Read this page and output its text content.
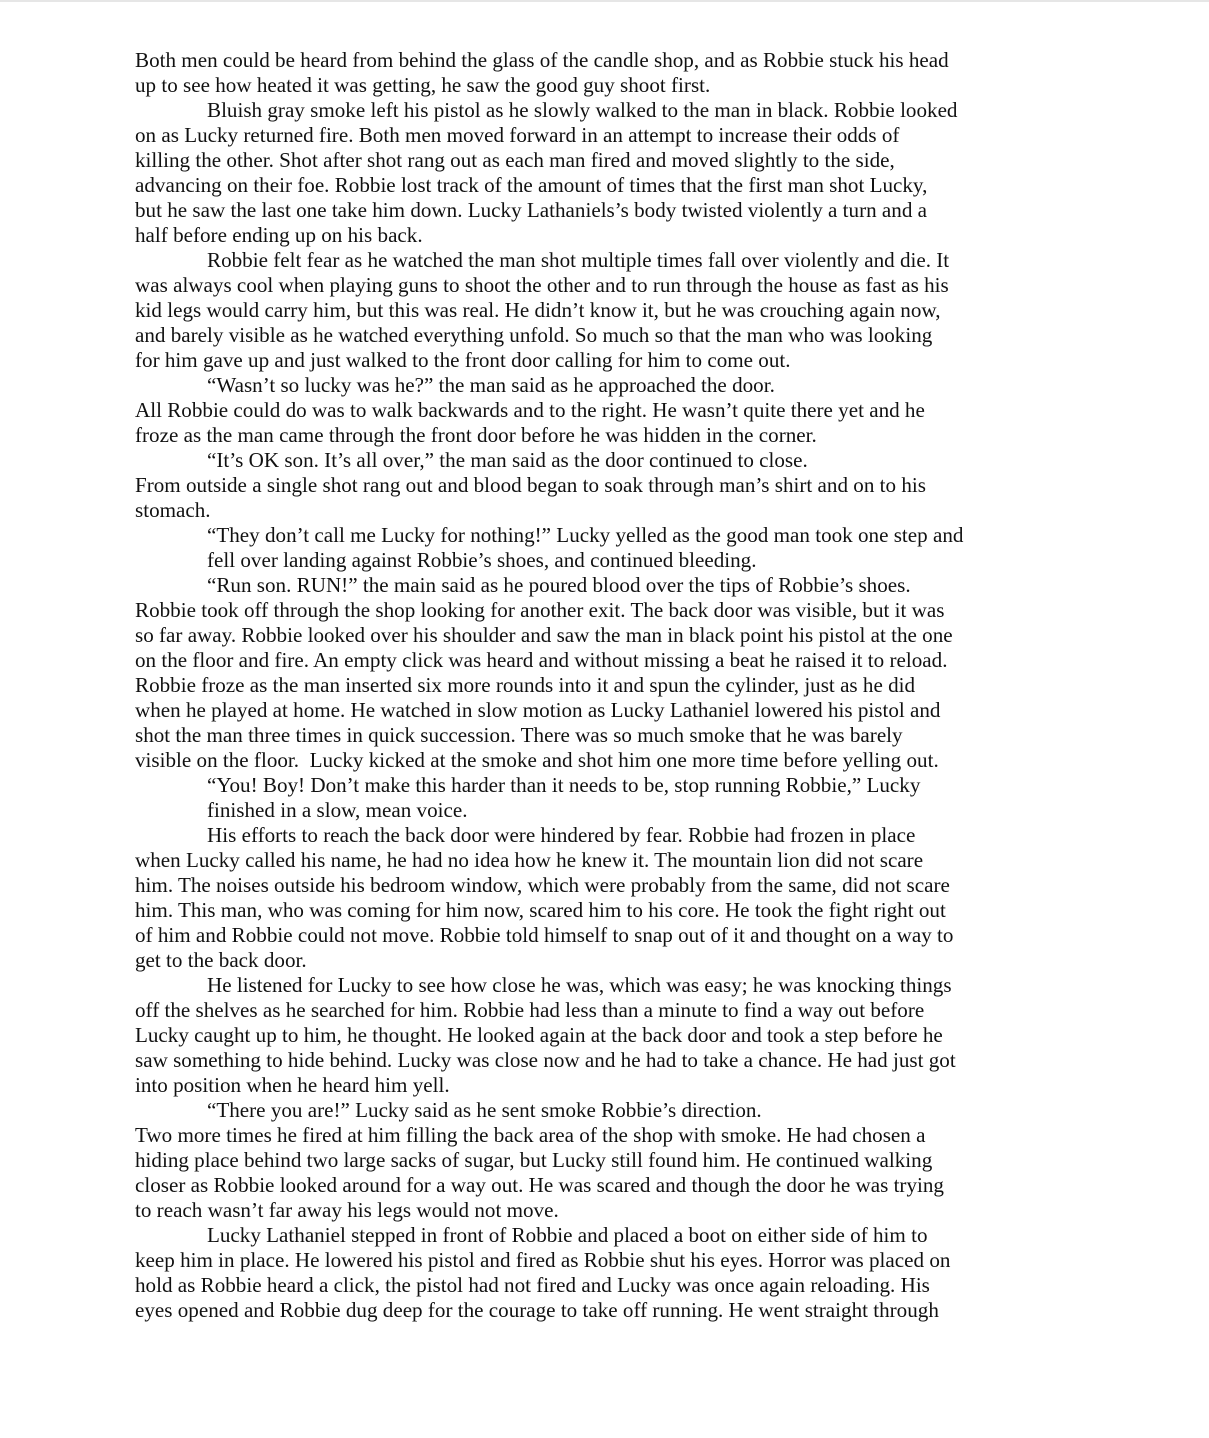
Both men could be heard from behind the glass of the candle shop, and as Robbie stuck his head
up to see how heated it was getting, he saw the good guy shoot first.
Bluish gray smoke left his pistol as he slowly walked to the man in black. Robbie looked
on as Lucky returned fire. Both men moved forward in an attempt to increase their odds of
killing the other. Shot after shot rang out as each man fired and moved slightly to the side,
advancing on their foe. Robbie lost track of the amount of times that the first man shot Lucky,
but he saw the last one take him down. Lucky Lathaniels’s body twisted violently a turn and a
half before ending up on his back.
Robbie felt fear as he watched the man shot multiple times fall over violently and die. It
was always cool when playing guns to shoot the other and to run through the house as fast as his
kid legs would carry him, but this was real. He didn’t know it, but he was crouching again now,
and barely visible as he watched everything unfold. So much so that the man who was looking
for him gave up and just walked to the front door calling for him to come out.
“Wasn’t so lucky was he?” the man said as he approached the door.
All Robbie could do was to walk backwards and to the right. He wasn’t quite there yet and he
froze as the man came through the front door before he was hidden in the corner.
“It’s OK son. It’s all over,” the man said as the door continued to close.
From outside a single shot rang out and blood began to soak through man’s shirt and on to his
stomach.
“They don’t call me Lucky for nothing!” Lucky yelled as the good man took one step and
fell over landing against Robbie’s shoes, and continued bleeding.
“Run son. RUN!” the main said as he poured blood over the tips of Robbie’s shoes.
Robbie took off through the shop looking for another exit. The back door was visible, but it was
so far away. Robbie looked over his shoulder and saw the man in black point his pistol at the one
on the floor and fire. An empty click was heard and without missing a beat he raised it to reload.
Robbie froze as the man inserted six more rounds into it and spun the cylinder, just as he did
when he played at home. He watched in slow motion as Lucky Lathaniel lowered his pistol and
shot the man three times in quick succession. There was so much smoke that he was barely
visible on the floor.  Lucky kicked at the smoke and shot him one more time before yelling out.
“You! Boy! Don’t make this harder than it needs to be, stop running Robbie,” Lucky
finished in a slow, mean voice.
His efforts to reach the back door were hindered by fear. Robbie had frozen in place
when Lucky called his name, he had no idea how he knew it. The mountain lion did not scare
him. The noises outside his bedroom window, which were probably from the same, did not scare
him. This man, who was coming for him now, scared him to his core. He took the fight right out
of him and Robbie could not move. Robbie told himself to snap out of it and thought on a way to
get to the back door.
He listened for Lucky to see how close he was, which was easy; he was knocking things
off the shelves as he searched for him. Robbie had less than a minute to find a way out before
Lucky caught up to him, he thought. He looked again at the back door and took a step before he
saw something to hide behind. Lucky was close now and he had to take a chance. He had just got
into position when he heard him yell.
“There you are!” Lucky said as he sent smoke Robbie’s direction.
Two more times he fired at him filling the back area of the shop with smoke. He had chosen a
hiding place behind two large sacks of sugar, but Lucky still found him. He continued walking
closer as Robbie looked around for a way out. He was scared and though the door he was trying
to reach wasn’t far away his legs would not move.
Lucky Lathaniel stepped in front of Robbie and placed a boot on either side of him to
keep him in place. He lowered his pistol and fired as Robbie shut his eyes. Horror was placed on
hold as Robbie heard a click, the pistol had not fired and Lucky was once again reloading. His
eyes opened and Robbie dug deep for the courage to take off running. He went straight through
